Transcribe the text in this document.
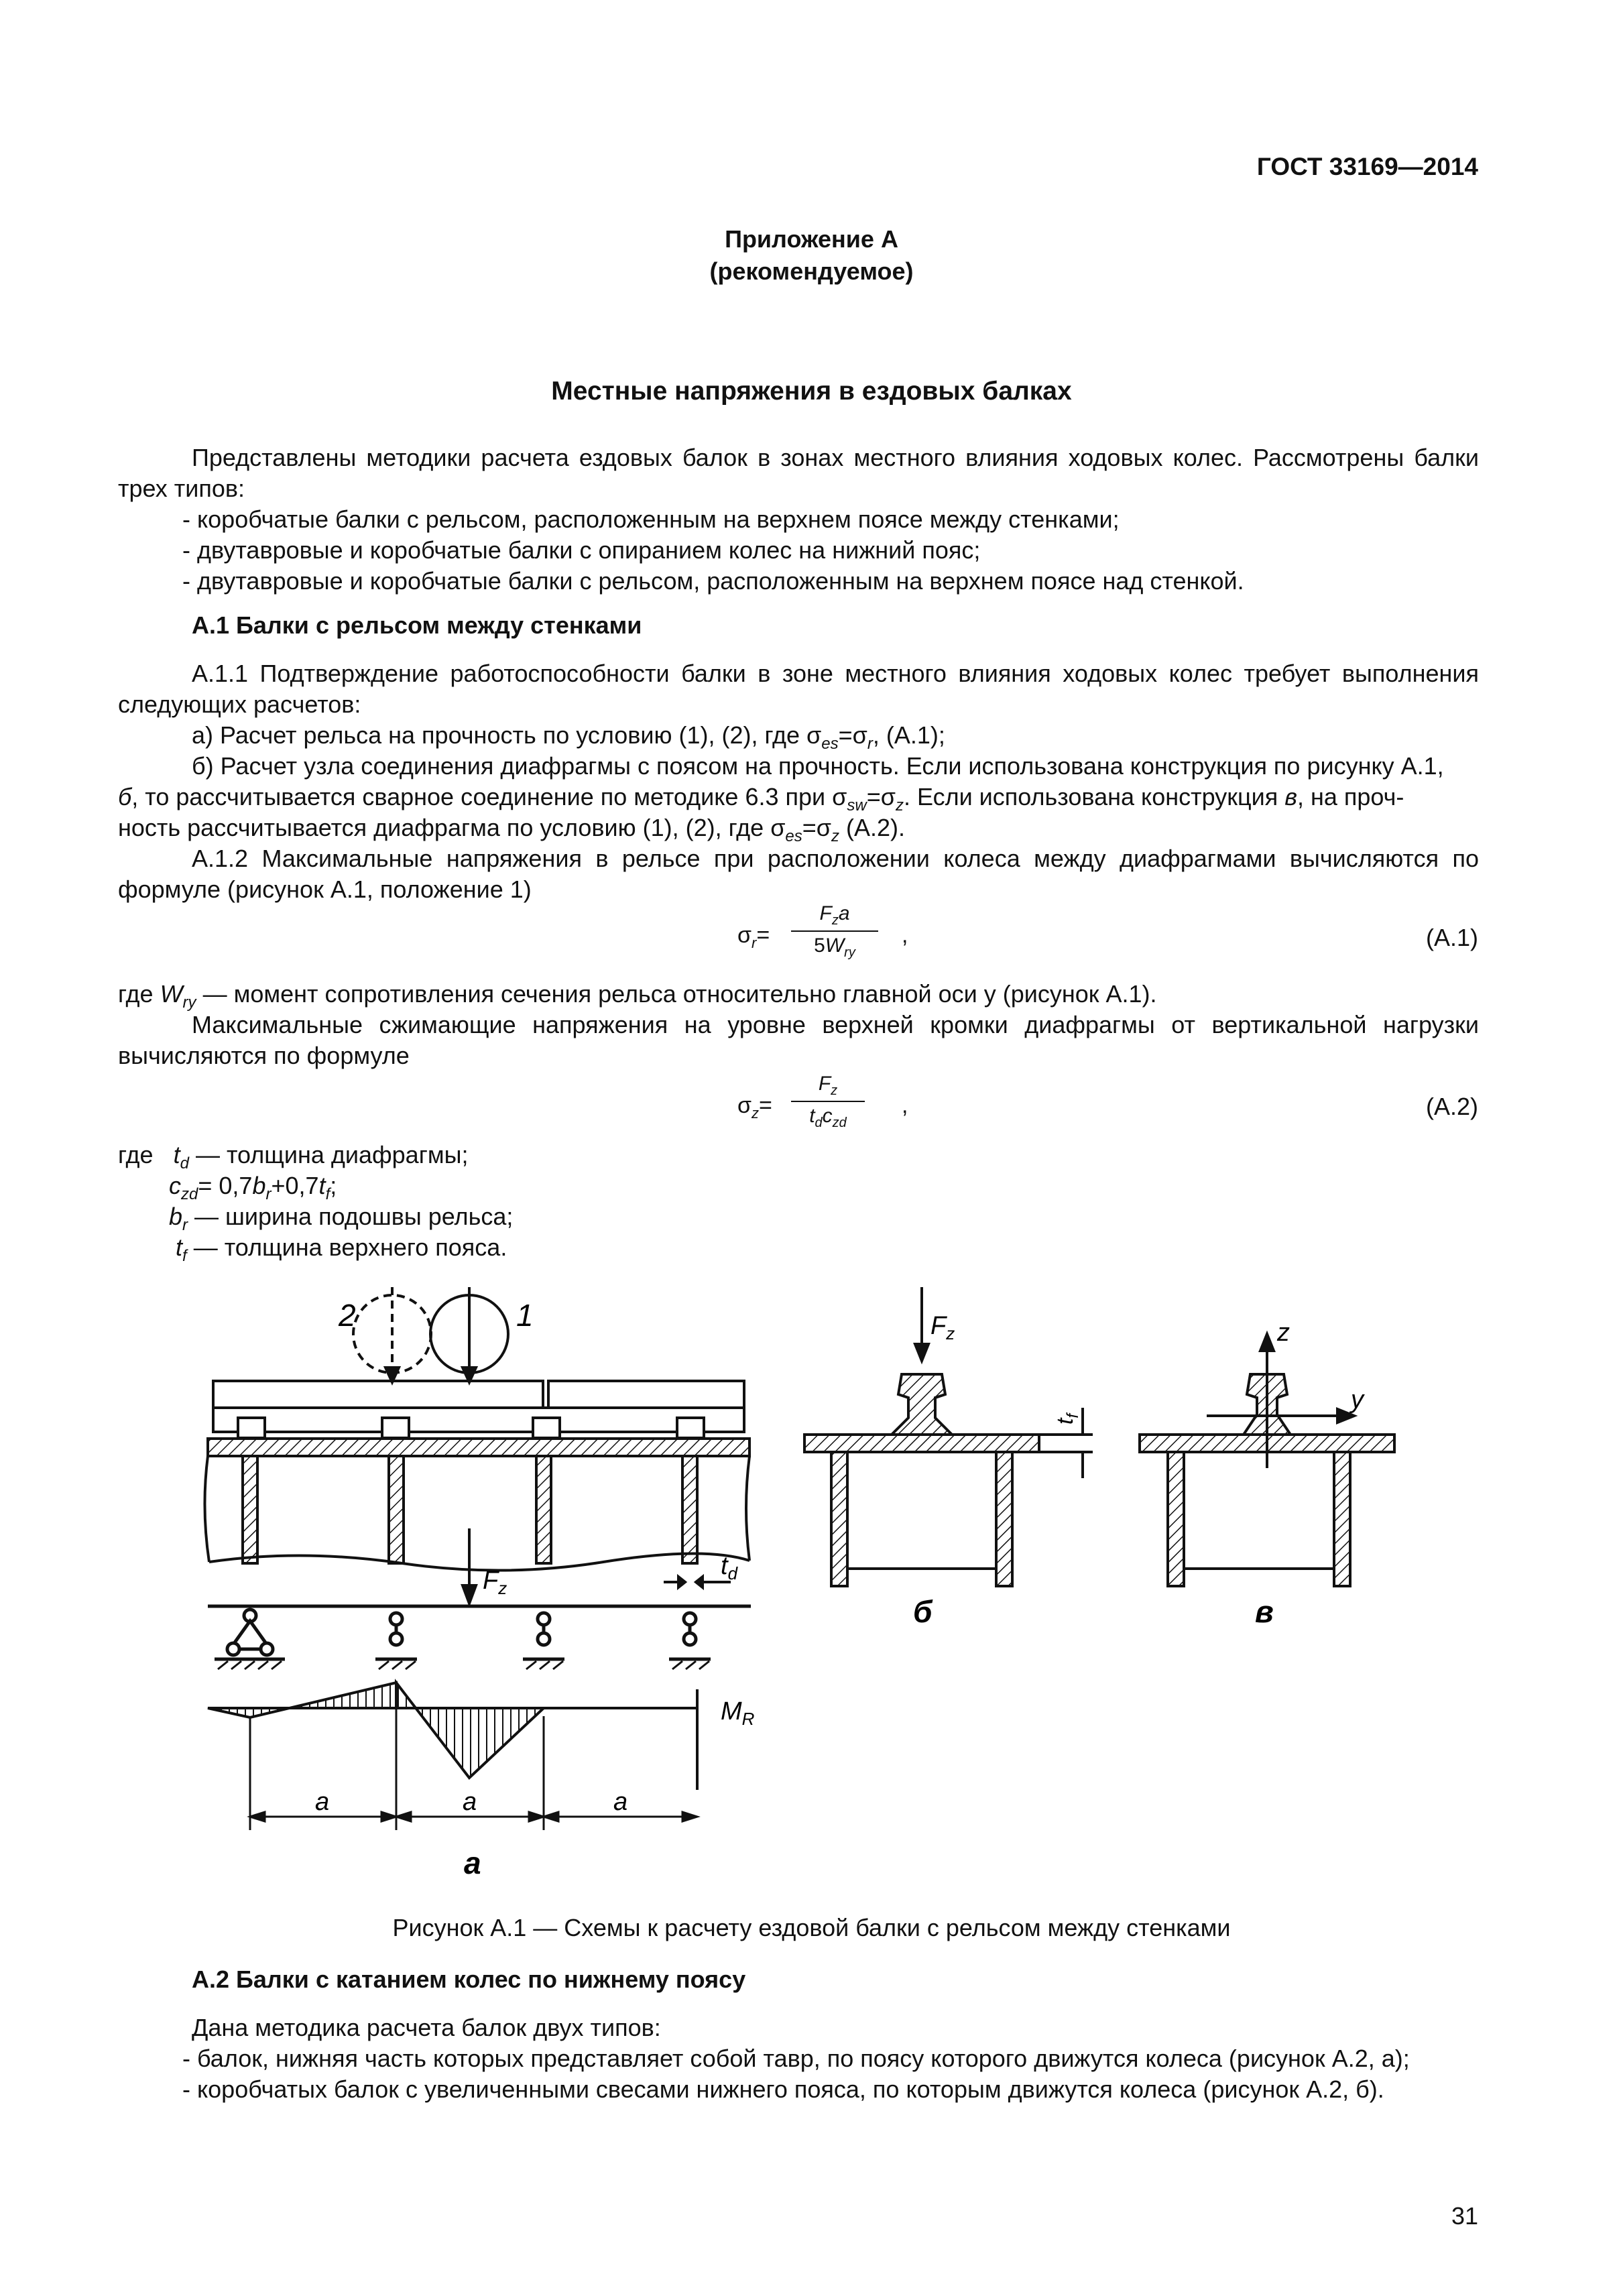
ГОСТ 33169—2014
Приложение А
(рекомендуемое)
Местные напряжения в ездовых балках
Представлены методики расчета ездовых балок в зонах местного влияния ходовых колес. Рассмотрены балки трех типов:
- коробчатые балки с рельсом, расположенным на верхнем поясе между стенками;
- двутавровые и коробчатые балки с опиранием колес на нижний пояс;
- двутавровые и коробчатые балки с рельсом, расположенным на верхнем поясе над стенкой.
А.1 Балки с рельсом между стенками
А.1.1 Подтверждение работоспособности балки в зоне местного влияния ходовых колес требует выполнения следующих расчетов:
а) Расчет рельса на прочность по условию (1), (2), где $\sigma_{es}=\sigma_r$, (А.1);
б) Расчет узла соединения диафрагмы с поясом на прочность. Если использована конструкция по рисунку А.1,
б, то рассчитывается сварное соединение по методике 6.3 при $\sigma_{sw}=\sigma_z$. Если использована конструкция в, на проч-
ность рассчитывается диафрагма по условию (1), (2), где $\sigma_{es}=\sigma_z$ (А.2).
А.1.2 Максимальные напряжения в рельсе при расположении колеса между диафрагмами вычисляются по формуле (рисунок А.1, положение 1)
$\sigma_r=$
$F_za$
$5W_{ry}$
,	(А.1)
где $W_{ry}$ — момент сопротивления сечения рельса относительно главной оси y (рисунок А.1).
Максимальные сжимающие напряжения на уровне верхней кромки диафрагмы от вертикальной нагрузки вычисляются по формуле
$\sigma_z=$
$F_z$
$t_dc_{zd}$
,	(А.2)
где $t_d$ — толщина диафрагмы;
$c_{zd}= 0,7b_r+0,7t_f$;
$b_r$ — ширина подошвы рельса;
$t_f$ — толщина верхнего пояса.
2	1
$F_z$
$t_d$
$M_R$
a	a	a
а
$F_z$
$t_f$
б
z
y
в
Рисунок А.1 — Схемы к расчету ездовой балки с рельсом между стенками
А.2 Балки с катанием колес по нижнему поясу
Дана методика расчета балок двух типов:
- балок, нижняя часть которых представляет собой тавр, по поясу которого движутся колеса (рисунок А.2, а);
- коробчатых балок с увеличенными свесами нижнего пояса, по которым движутся колеса (рисунок А.2, б).
31
